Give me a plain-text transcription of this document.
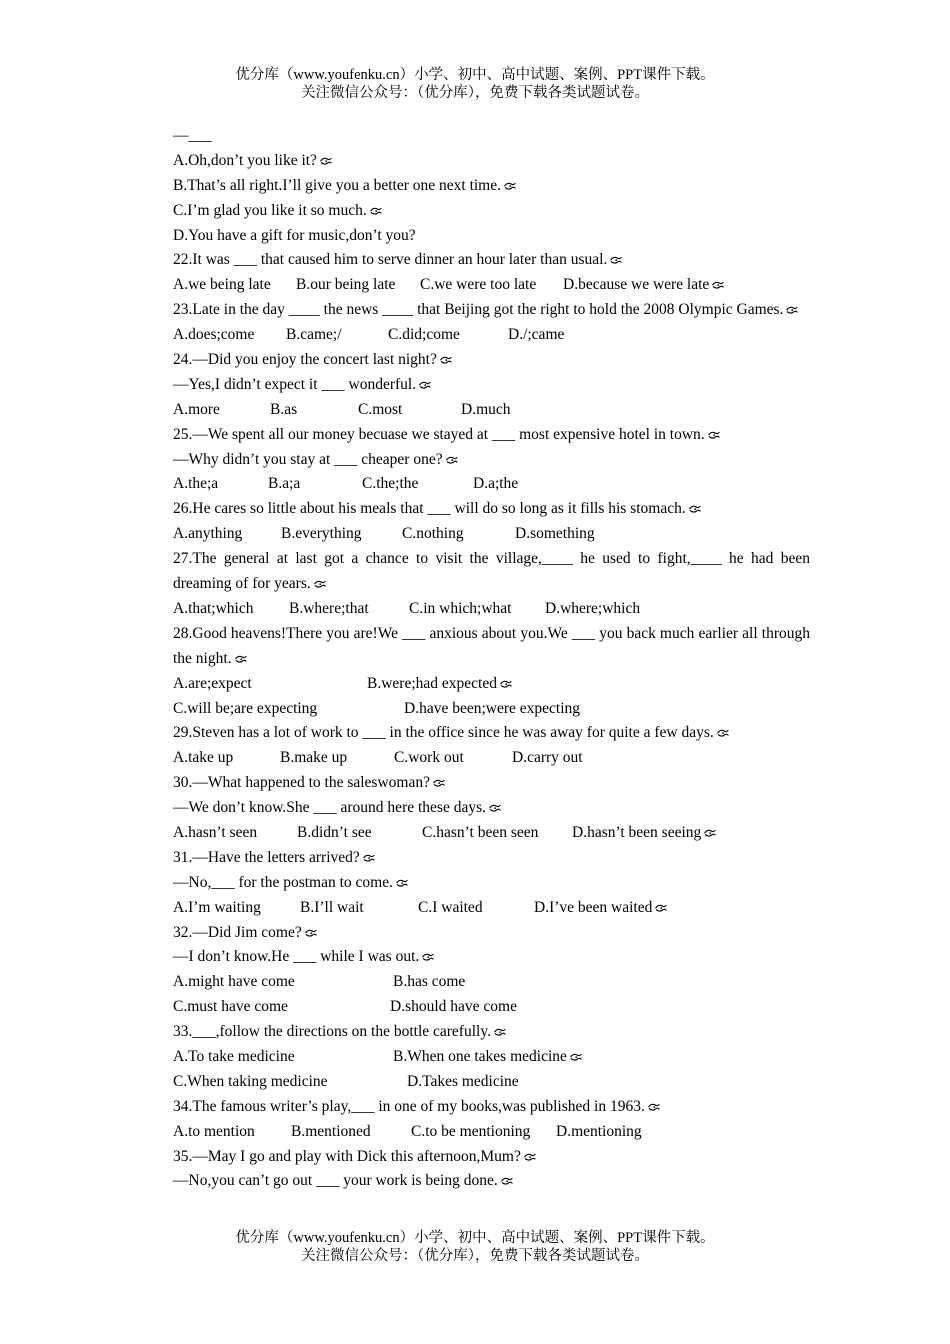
优分库（www.youfenku.cn）小学、初中、高中试题、案例、PPT课件下载。
关注微信公众号：（优分库），免费下载各类试题试卷。
—___
A.Oh,don’t you like it?
B.That’s all right.I’ll give you a better one next time.
C.I’m glad you like it so much.
D.You have a gift for music,don’t you?
22.It was ___ that caused him to serve dinner an hour later than usual.
A.we being late B.our being late C.we were too late D.because we were late
23.Late in the day ____ the news ____ that Beijing got the right to hold the 2008 Olympic Games.
A.does;come B.came;/	C.did;come	D./;came
24.—Did you enjoy the concert last night?
—Yes,I didn’t expect it ___ wonderful.
A.more	B.as	C.most	D.much
25.—We spent all our money becuase we stayed at ___ most expensive hotel in town.
—Why didn’t you stay at ___ cheaper one?
A.the;a	B.a;a	C.the;the	D.a;the
26.He cares so little about his meals that ___ will do so long as it fills his stomach.
A.anything B.everything	C.nothing	D.something
27.The general at last got a chance to visit the village,____ he used to fight,____ he had been dreaming of for years.
A.that;which B.where;that	C.in which;what D.where;which
28.Good heavens!There you are!We ___ anxious about you.We ___ you back much earlier all through the night.
A.are;expect	B.were;had expected
C.will be;are expecting	D.have been;were expecting
29.Steven has a lot of work to ___ in the office since he was away for quite a few days.
A.take up	B.make up	C.work out	D.carry out
30.—What happened to the saleswoman?
—We don’t know.She ___ around here these days.
A.hasn’t seen	B.didn’t see	C.hasn’t been seen D.hasn’t been seeing
31.—Have the letters arrived?
—No,___ for the postman to come.
A.I’m waiting	B.I’ll wait	C.I waited	D.I’ve been waited
32.—Did Jim come?
—I don’t know.He ___ while I was out.
A.might have come	B.has come
C.must have come	D.should have come
33.___,follow the directions on the bottle carefully.
A.To take medicine	B.When one takes medicine
C.When taking medicine	D.Takes medicine
34.The famous writer’s play,___ in one of my books,was published in 1963.
A.to mention B.mentioned	C.to be mentioning D.mentioning
35.—May I go and play with Dick this afternoon,Mum?
—No,you can’t go out ___ your work is being done.
优分库（www.youfenku.cn）小学、初中、高中试题、案例、PPT课件下载。
关注微信公众号：（优分库），免费下载各类试题试卷。
